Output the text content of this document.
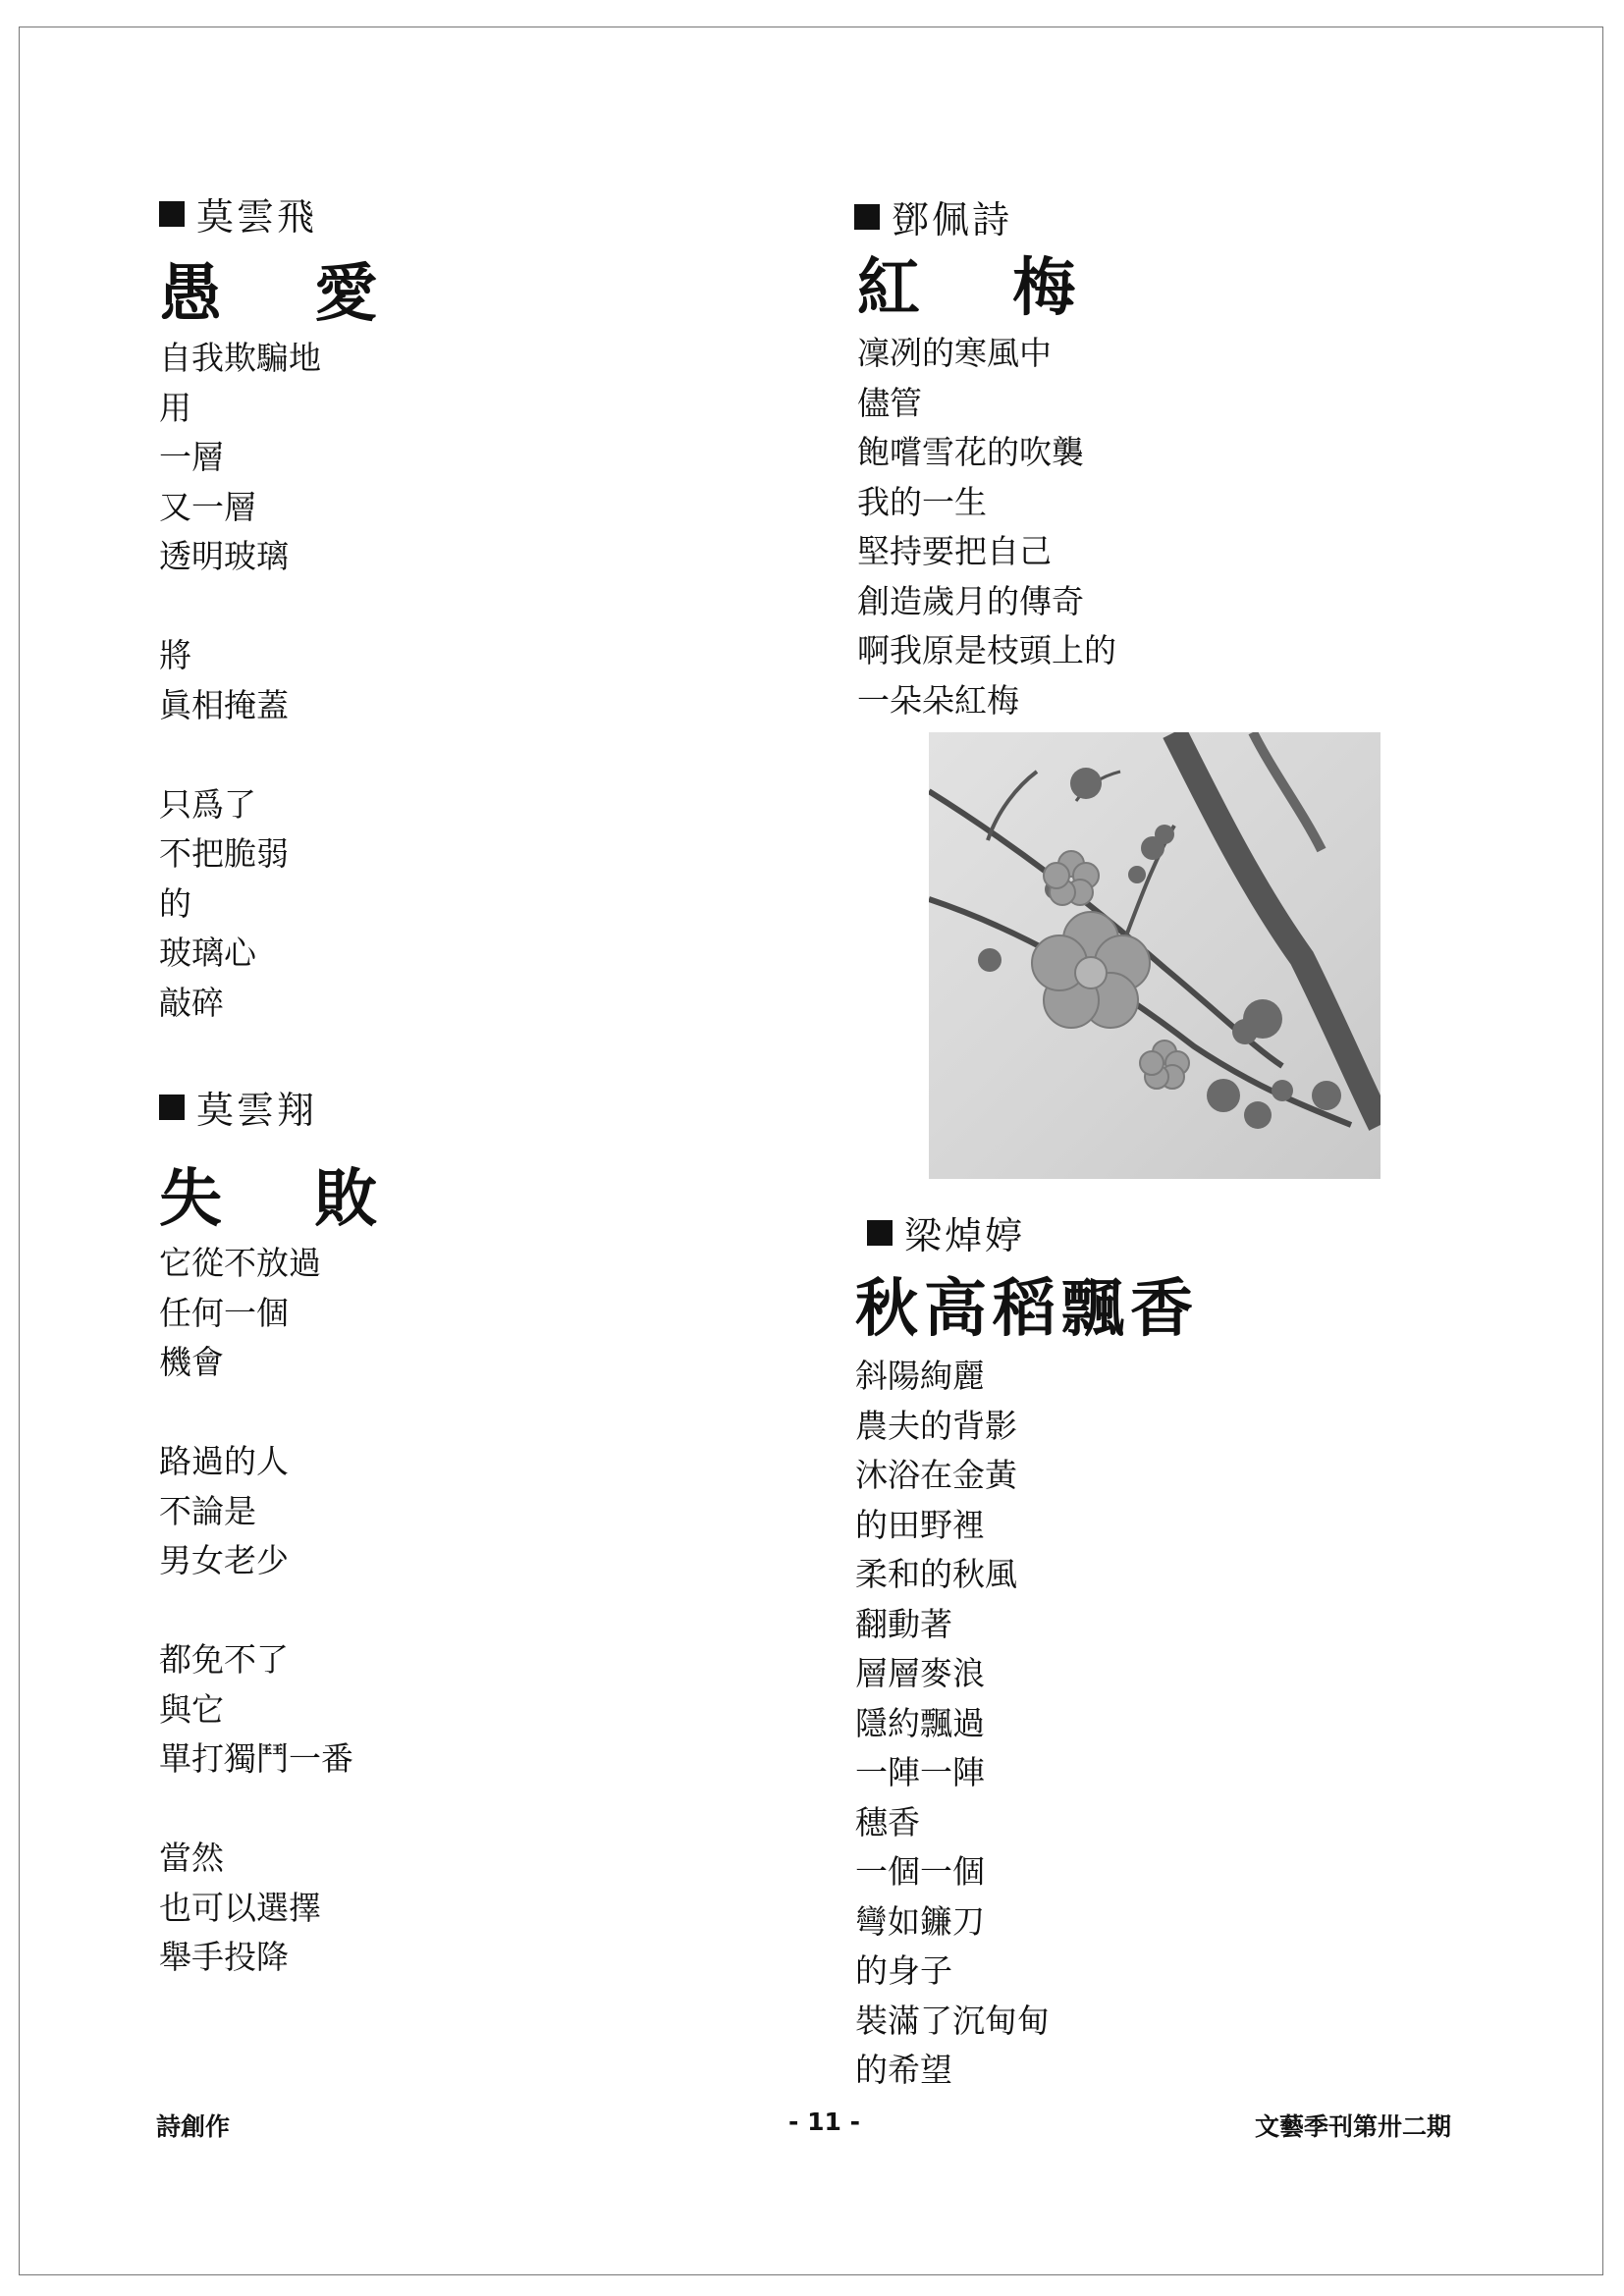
莫雲飛
愚 愛
自我欺騙地
用
一層
又一層
透明玻璃
將
眞相掩蓋
只爲了
不把脆弱
的
玻璃心
敲碎
莫雲翔
失 敗
它從不放過
任何一個
機會
路過的人
不論是
男女老少
都免不了
與它
單打獨鬥一番
當然
也可以選擇
舉手投降
鄧佩詩
紅 梅
凜冽的寒風中
儘管
飽嚐雪花的吹襲
我的一生
堅持要把自己
創造歲月的傳奇
啊我原是枝頭上的
一朵朵紅梅
梁焯婷
秋高稻飄香
斜陽絢麗
農夫的背影
沐浴在金黃
的田野裡
柔和的秋風
翻動著
層層麥浪
隱約飄過
一陣一陣
穗香
一個一個
彎如鐮刀
的身子
裝滿了沉甸甸
的希望
詩創作	- 11 -	文藝季刊第卅二期
